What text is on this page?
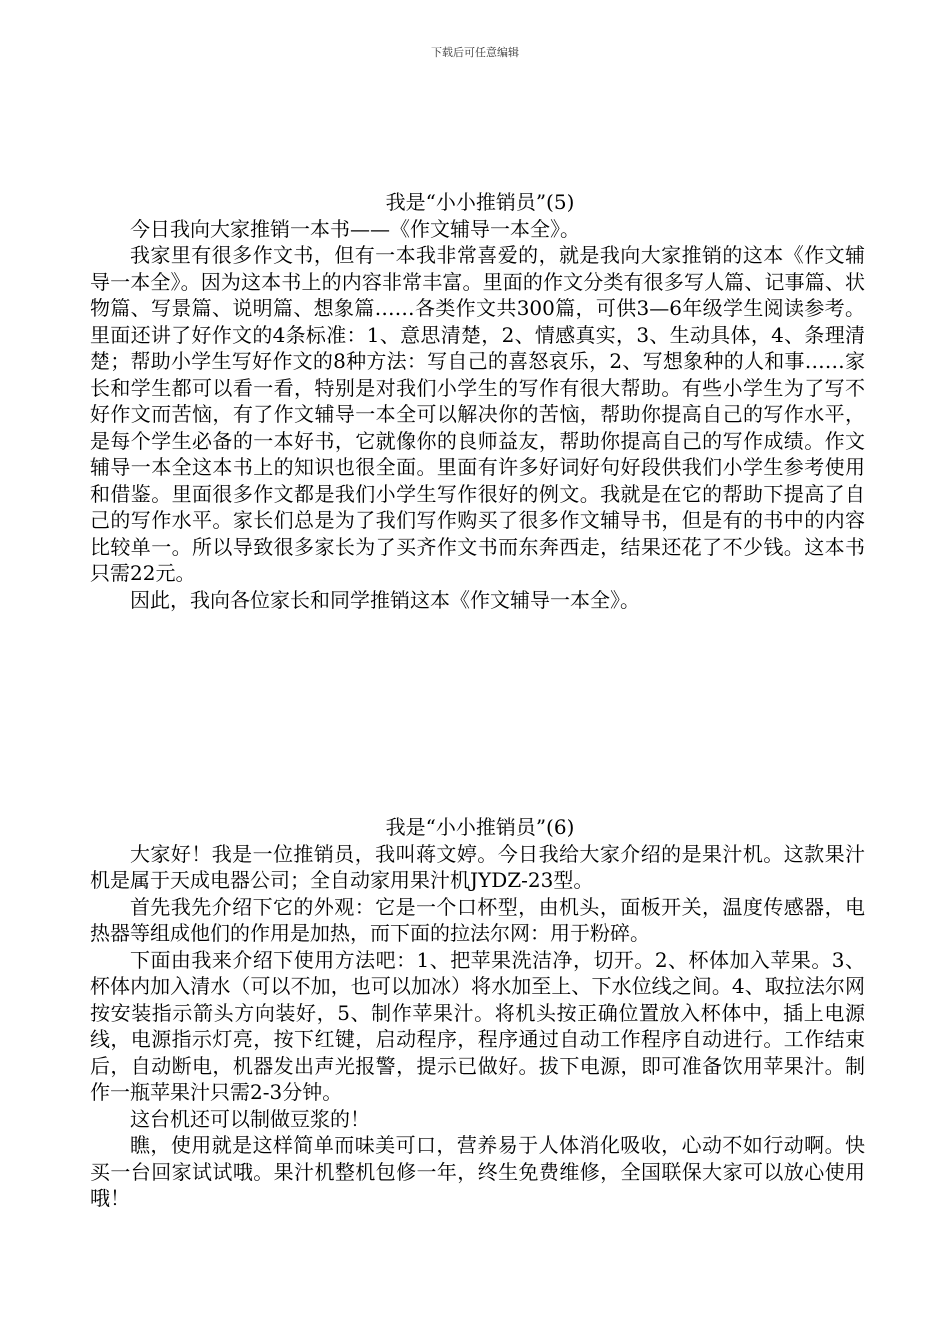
下载后可任意编辑

我是“小小推销员”(5)

今日我向大家推销一本书——《作文辅导一本全》。

我家里有很多作文书，但有一本我非常喜爱的，就是我向大家推销的这本《作文辅导一本全》。因为这本书上的内容非常丰富。里面的作文分类有很多写人篇、记事篇、状物篇、写景篇、说明篇、想象篇……各类作文共300篇，可供3—6年级学生阅读参考。里面还讲了好作文的4条标准：1、意思清楚，2、情感真实，3、生动具体，4、条理清楚；帮助小学生写好作文的8种方法：写自己的喜怒哀乐，2、写想象种的人和事……家长和学生都可以看一看，特别是对我们小学生的写作有很大帮助。有些小学生为了写不好作文而苦恼，有了作文辅导一本全可以解决你的苦恼，帮助你提高自己的写作水平，是每个学生必备的一本好书，它就像你的良师益友，帮助你提高自己的写作成绩。作文辅导一本全这本书上的知识也很全面。里面有许多好词好句好段供我们小学生参考使用和借鉴。里面很多作文都是我们小学生写作很好的例文。我就是在它的帮助下提高了自己的写作水平。家长们总是为了我们写作购买了很多作文辅导书，但是有的书中的内容比较单一。所以导致很多家长为了买齐作文书而东奔西走，结果还花了不少钱。这本书只需22元。

因此，我向各位家长和同学推销这本《作文辅导一本全》。

我是“小小推销员”(6)

大家好！我是一位推销员，我叫蒋文婷。今日我给大家介绍的是果汁机。这款果汁机是属于天成电器公司；全自动家用果汁机JYDZ-23型。

首先我先介绍下它的外观：它是一个口杯型，由机头，面板开关，温度传感器，电热器等组成他们的作用是加热，而下面的拉法尔网：用于粉碎。

下面由我来介绍下使用方法吧：1、把苹果洗洁净，切开。2、杯体加入苹果。3、杯体内加入清水（可以不加，也可以加冰）将水加至上、下水位线之间。4、取拉法尔网按安装指示箭头方向装好，5、制作苹果汁。将机头按正确位置放入杯体中，插上电源线，电源指示灯亮，按下红键，启动程序，程序通过自动工作程序自动进行。工作结束后，自动断电，机器发出声光报警，提示已做好。拔下电源，即可准备饮用苹果汁。制作一瓶苹果汁只需2-3分钟。

这台机还可以制做豆浆的！

瞧，使用就是这样简单而味美可口，营养易于人体消化吸收，心动不如行动啊。快买一台回家试试哦。果汁机整机包修一年，终生免费维修，全国联保大家可以放心使用哦！
